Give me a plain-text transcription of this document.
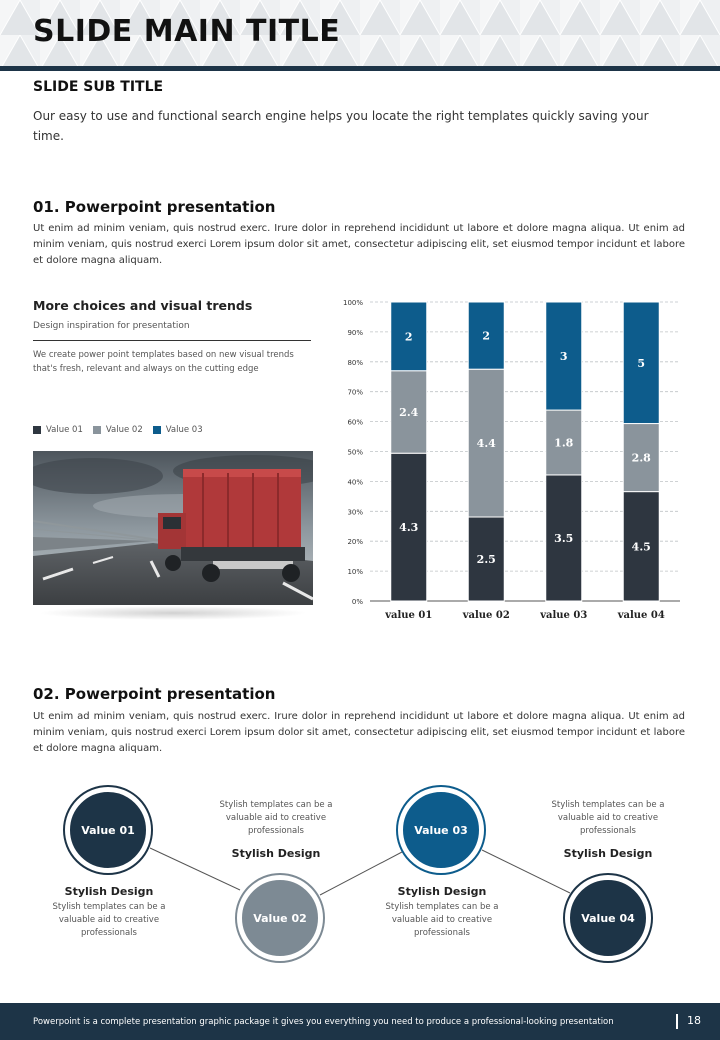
SLIDE MAIN TITLE
SLIDE SUB TITLE
Our easy to use and functional search engine helps you locate the right templates quickly saving your time.
01. Powerpoint presentation
Ut enim ad minim veniam, quis nostrud exerc. Irure dolor in reprehend incididunt ut labore et dolore magna aliqua. Ut enim ad minim veniam, quis nostrud exerci Lorem ipsum dolor sit amet, consectetur adipiscing elit, set eiusmod tempor incidunt et labore et dolore magna aliquam.
More choices and visual trends
Design inspiration for presentation
We create power point templates based on new visual trends that's fresh, relevant and always on the cutting edge
Value 01	Value 02	Value 03
0%
10%
20%
30%
40%
50%
60%
70%
80%
90%
100%
4.3
2.4
2
value 01
2.5
4.4
2
value 02
3.5
1.8
3
value 03
4.5
2.8
5
value 04
02. Powerpoint presentation
Ut enim ad minim veniam, quis nostrud exerc. Irure dolor in reprehend incididunt ut labore et dolore magna aliqua. Ut enim ad minim veniam, quis nostrud exerci Lorem ipsum dolor sit amet, consectetur adipiscing elit, set eiusmod tempor incidunt et labore et dolore magna aliquam.
Value 01
Value 02
Value 03
Value 04
Stylish Design
Stylish templates can be a valuable aid to creative professionals
Stylish templates can be a valuable aid to creative professionals
Stylish Design
Stylish Design
Stylish templates can be a valuable aid to creative professionals
Stylish templates can be a valuable aid to creative professionals
Stylish Design
Powerpoint is a complete presentation graphic package it gives you everything you need to produce a professional-looking presentation	18
